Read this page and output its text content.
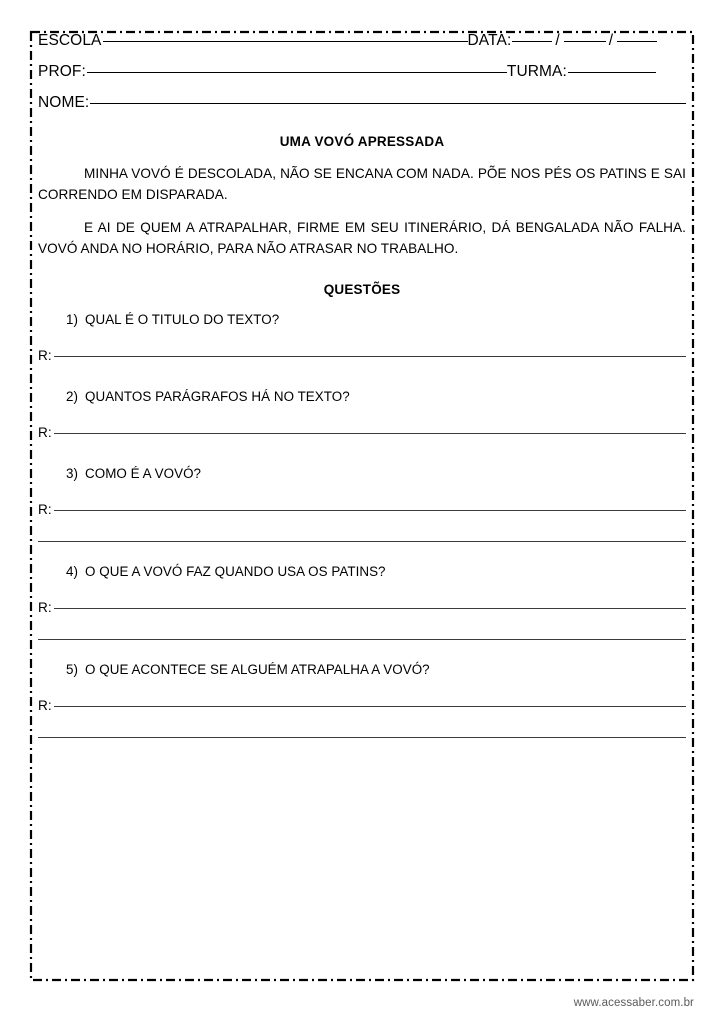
ESCOLA	DATA:	/	/
PROF:	TURMA:
NOME:
UMA VOVÓ APRESSADA

MINHA VOVÓ É DESCOLADA, NÃO SE ENCANA COM NADA. PÕE NOS PÉS OS PATINS E SAI CORRENDO EM DISPARADA.

E AI DE QUEM A ATRAPALHAR, FIRME EM SEU ITINERÁRIO, DÁ BENGALADA NÃO FALHA. VOVÓ ANDA NO HORÁRIO, PARA NÃO ATRASAR NO TRABALHO.

QUESTÕES
1) QUAL É O TITULO DO TEXTO?
R:
2) QUANTOS PARÁGRAFOS HÁ NO TEXTO?
R:
3) COMO É A VOVÓ?
R:
4) O QUE A VOVÓ FAZ QUANDO USA OS PATINS?
R:
5) O QUE ACONTECE SE ALGUÉM ATRAPALHA A VOVÓ?
R:
www.acessaber.com.br
